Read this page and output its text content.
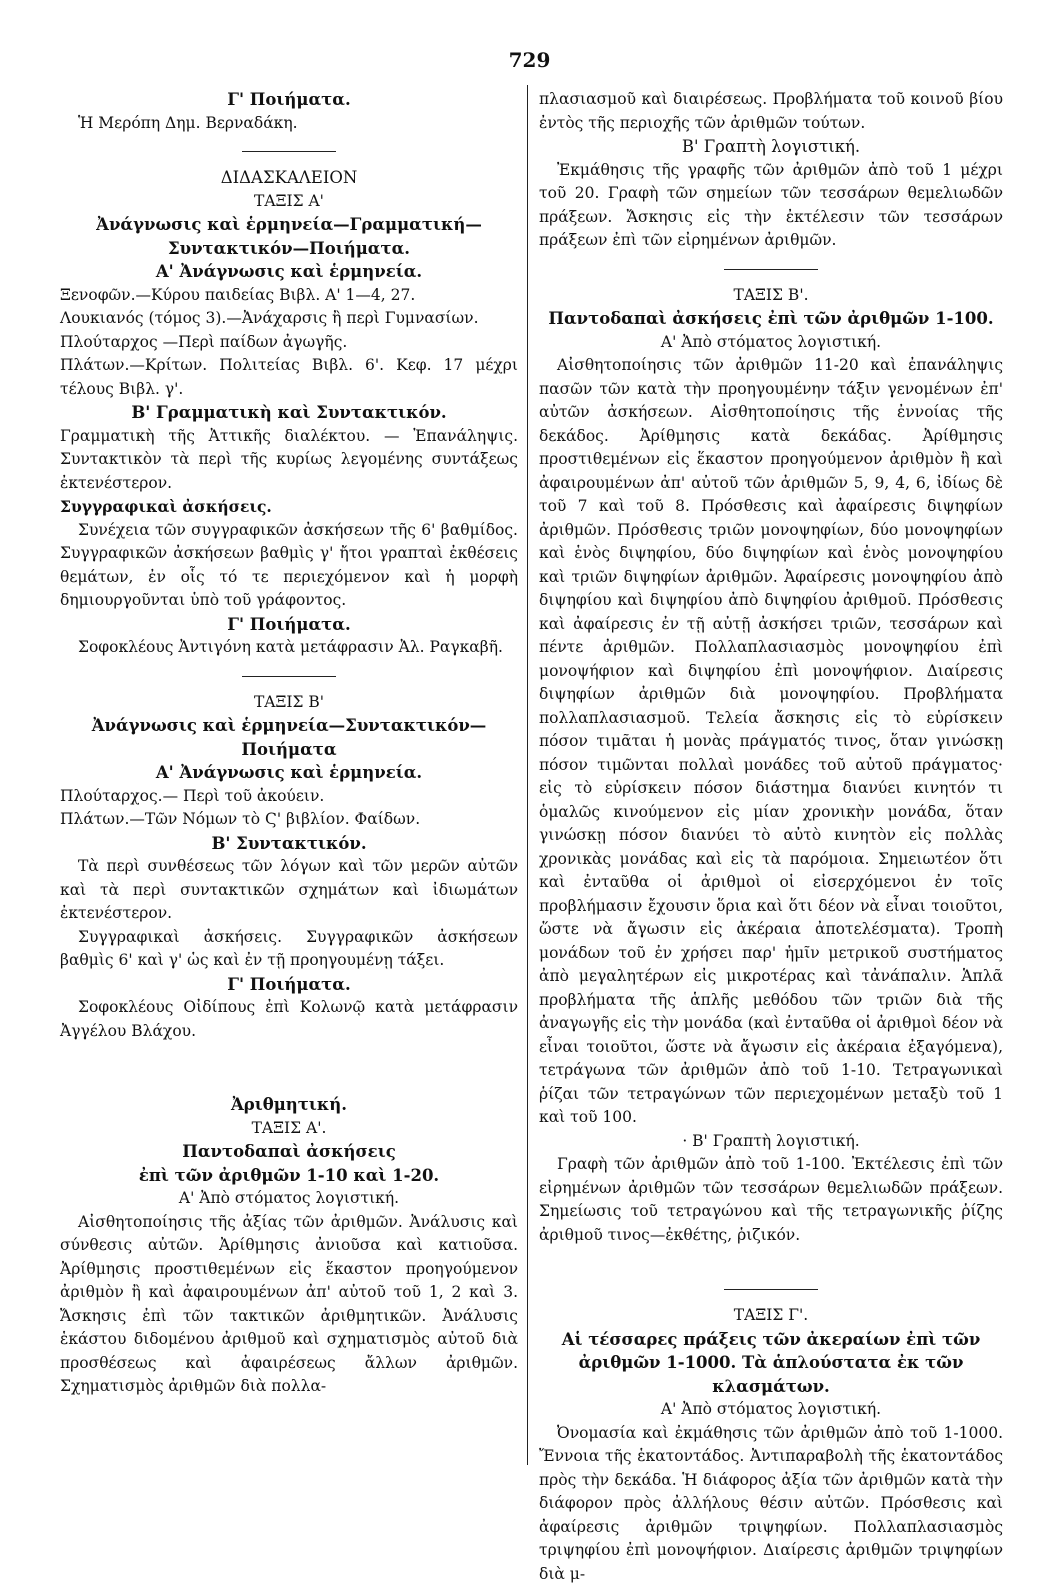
729

Γ' Ποιήματα.

Ἡ Μερόπη Δημ. Βερναδάκη.

ΔΙΔΑΣΚΑΛΕΙΟΝ

ΤΑΞΙΣ Α'

Ἀνάγνωσις καὶ ἑρμηνεία—Γραμματική— Συντακτικόν—Ποιήματα.

Α' Ἀνάγνωσις καὶ ἑρμηνεία.

Ξενοφῶν.—Κύρου παιδείας Βιβλ. Α' 1—4, 27.

Λουκιανός (τόμος 3).—Ἀνάχαρσις ἢ περὶ Γυμνασίων.

Πλούταρχος —Περὶ παίδων ἀγωγῆς.

Πλάτων.—Κρίτων. Πολιτείας Βιβλ. 6'. Κεφ. 17 μέχρι τέλους Βιβλ. γ'.

Β' Γραμματικὴ καὶ Συντακτικόν.

Γραμματικὴ τῆς Ἀττικῆς διαλέκτου. — Ἐπανάληψις. Συντακτικὸν τὰ περὶ τῆς κυρίως λεγομένης συντάξεως ἐκτενέστερον.

Συγγραφικαὶ ἀσκήσεις.

Συνέχεια τῶν συγγραφικῶν ἀσκήσεων τῆς 6' βαθμίδος. Συγγραφικῶν ἀσκήσεων βαθμὶς γ' ἤτοι γραπταὶ ἐκθέσεις θεμάτων, ἐν οἷς τό τε περιεχόμενον καὶ ἡ μορφὴ δημιουργοῦνται ὑπὸ τοῦ γράφοντος.

Γ' Ποιήματα.

Σοφοκλέους Ἀντιγόνη κατὰ μετάφρασιν Ἀλ. Ραγκαβῆ.

ΤΑΞΙΣ Β'

Ἀνάγνωσις καὶ ἑρμηνεία—Συντακτικόν—

Ποιήματα

Α' Ἀνάγνωσις καὶ ἑρμηνεία.

Πλούταρχος.— Περὶ τοῦ ἀκούειν.

Πλάτων.—Τῶν Νόμων τὸ Ϛ' βιβλίον. Φαίδων.

Β' Συντακτικόν.

Τὰ περὶ συνθέσεως τῶν λόγων καὶ τῶν μερῶν αὐτῶν καὶ τὰ περὶ συντακτικῶν σχημάτων καὶ ἰδιωμάτων ἐκτενέστερον.

Συγγραφικαὶ ἀσκήσεις. Συγγραφικῶν ἀσκήσεων βαθμὶς 6' καὶ γ' ὡς καὶ ἐν τῇ προηγουμένῃ τάξει.

Γ' Ποιήματα.

Σοφοκλέους Οἰδίπους ἐπὶ Κολωνῷ κατὰ μετάφρασιν Ἀγγέλου Βλάχου.

Ἀριθμητική.

ΤΑΞΙΣ Α'.

Παντοδαπαὶ ἀσκήσεις

ἐπὶ τῶν ἀριθμῶν 1-10 καὶ 1-20.

Α' Ἀπὸ στόματος λογιστική.

Αἰσθητοποίησις τῆς ἀξίας τῶν ἀριθμῶν. Ἀνάλυσις καὶ σύνθεσις αὐτῶν. Ἀρίθμησις ἀνιοῦσα καὶ κατιοῦσα. Ἀρίθμησις προστιθεμένων εἰς ἕκαστον προηγούμενον ἀριθμὸν ἢ καὶ ἀφαιρουμένων ἀπ' αὐτοῦ τοῦ 1, 2 καὶ 3. Ἄσκησις ἐπὶ τῶν τακτικῶν ἀριθμητικῶν. Ἀνάλυσις ἑκάστου διδομένου ἀριθμοῦ καὶ σχηματισμὸς αὐτοῦ διὰ προσθέσεως καὶ ἀφαιρέσεως ἄλλων ἀριθμῶν. Σχηματισμὸς ἀριθμῶν διὰ πολλα-

πλασιασμοῦ καὶ διαιρέσεως. Προβλήματα τοῦ κοινοῦ βίου ἐντὸς τῆς περιοχῆς τῶν ἀριθμῶν τούτων.

Β' Γραπτὴ λογιστική.

Ἐκμάθησις τῆς γραφῆς τῶν ἀριθμῶν ἀπὸ τοῦ 1 μέχρι τοῦ 20. Γραφὴ τῶν σημείων τῶν τεσσάρων θεμελιωδῶν πράξεων. Ἄσκησις εἰς τὴν ἐκτέλεσιν τῶν τεσσάρων πράξεων ἐπὶ τῶν εἰρημένων ἀριθμῶν.

ΤΑΞΙΣ Β'.

Παντοδαπαὶ ἀσκήσεις ἐπὶ τῶν ἀριθμῶν 1-100.

Α' Ἀπὸ στόματος λογιστική.

Αἰσθητοποίησις τῶν ἀριθμῶν 11-20 καὶ ἐπανάληψις πασῶν τῶν κατὰ τὴν προηγουμένην τάξιν γενομένων ἐπ' αὐτῶν ἀσκήσεων. Αἰσθητοποίησις τῆς ἐννοίας τῆς δεκάδος. Ἀρίθμησις κατὰ δεκάδας. Ἀρίθμησις προστιθεμένων εἰς ἕκαστον προηγούμενον ἀριθμὸν ἢ καὶ ἀφαιρουμένων ἀπ' αὐτοῦ τῶν ἀριθμῶν 5, 9, 4, 6, ἰδίως δὲ τοῦ 7 καὶ τοῦ 8. Πρόσθεσις καὶ ἀφαίρεσις διψηφίων ἀριθμῶν. Πρόσθεσις τριῶν μονοψηφίων, δύο μονοψηφίων καὶ ἑνὸς διψηφίου, δύο διψηφίων καὶ ἑνὸς μονοψηφίου καὶ τριῶν διψηφίων ἀριθμῶν. Ἀφαίρεσις μονοψηφίου ἀπὸ διψηφίου καὶ διψηφίου ἀπὸ διψηφίου ἀριθμοῦ. Πρόσθεσις καὶ ἀφαίρεσις ἐν τῇ αὐτῇ ἀσκήσει τριῶν, τεσσάρων καὶ πέντε ἀριθμῶν. Πολλαπλασιασμὸς μονοψηφίου ἐπὶ μονοψήφιον καὶ διψηφίου ἐπὶ μονοψήφιον. Διαίρεσις διψηφίων ἀριθμῶν διὰ μονοψηφίου. Προβλήματα πολλαπλασιασμοῦ. Τελεία ἄσκησις εἰς τὸ εὑρίσκειν πόσον τιμᾶται ἡ μονὰς πράγματός τινος, ὅταν γινώσκῃ πόσον τιμῶνται πολλαὶ μονάδες τοῦ αὐτοῦ πράγματος· εἰς τὸ εὑρίσκειν πόσον διάστημα διανύει κινητόν τι ὁμαλῶς κινούμενον εἰς μίαν χρονικὴν μονάδα, ὅταν γινώσκῃ πόσον διανύει τὸ αὐτὸ κινητὸν εἰς πολλὰς χρονικὰς μονάδας καὶ εἰς τὰ παρόμοια. Σημειωτέον ὅτι καὶ ἐνταῦθα οἱ ἀριθμοὶ οἱ εἰσερχόμενοι ἐν τοῖς προβλήμασιν ἔχουσιν ὅρια καὶ ὅτι δέον νὰ εἶναι τοιοῦτοι, ὥστε νὰ ἄγωσιν εἰς ἀκέραια ἀποτελέσματα). Τροπὴ μονάδων τοῦ ἐν χρήσει παρ' ἡμῖν μετρικοῦ συστήματος ἀπὸ μεγαλητέρων εἰς μικροτέρας καὶ τἀνάπαλιν. Ἁπλᾶ προβλήματα τῆς ἁπλῆς μεθόδου τῶν τριῶν διὰ τῆς ἀναγωγῆς εἰς τὴν μονάδα (καὶ ἐνταῦθα οἱ ἀριθμοὶ δέον νὰ εἶναι τοιοῦτοι, ὥστε νὰ ἄγωσιν εἰς ἀκέραια ἐξαγόμενα), τετράγωνα τῶν ἀριθμῶν ἀπὸ τοῦ 1-10. Τετραγωνικαὶ ῥίζαι τῶν τετραγώνων τῶν περιεχομένων μεταξὺ τοῦ 1 καὶ τοῦ 100.

· Β' Γραπτὴ λογιστική.

Γραφὴ τῶν ἀριθμῶν ἀπὸ τοῦ 1-100. Ἐκτέλεσις ἐπὶ τῶν εἰρημένων ἀριθμῶν τῶν τεσσάρων θεμελιωδῶν πράξεων. Σημείωσις τοῦ τετραγώνου καὶ τῆς τετραγωνικῆς ῥίζης ἀριθμοῦ τινος—ἐκθέτης, ῥιζικόν.

ΤΑΞΙΣ Γ'.

Αἱ τέσσαρες πράξεις τῶν ἀκεραίων ἐπὶ τῶν ἀριθμῶν 1-1000. Τὰ ἁπλούστατα ἐκ τῶν κλασμάτων.

Α' Ἀπὸ στόματος λογιστική.

Ὀνομασία καὶ ἐκμάθησις τῶν ἀριθμῶν ἀπὸ τοῦ 1-1000. Ἔννοια τῆς ἑκατοντάδος. Ἀντιπαραβολὴ τῆς ἑκατοντάδος πρὸς τὴν δεκάδα. Ἡ διάφορος ἀξία τῶν ἀριθμῶν κατὰ τὴν διάφορον πρὸς ἀλλήλους θέσιν αὐτῶν. Πρόσθεσις καὶ ἀφαίρεσις ἀριθμῶν τριψηφίων. Πολλαπλασιασμὸς τριψηφίου ἐπὶ μονοψήφιον. Διαίρεσις ἀριθμῶν τριψηφίων διὰ μ-
